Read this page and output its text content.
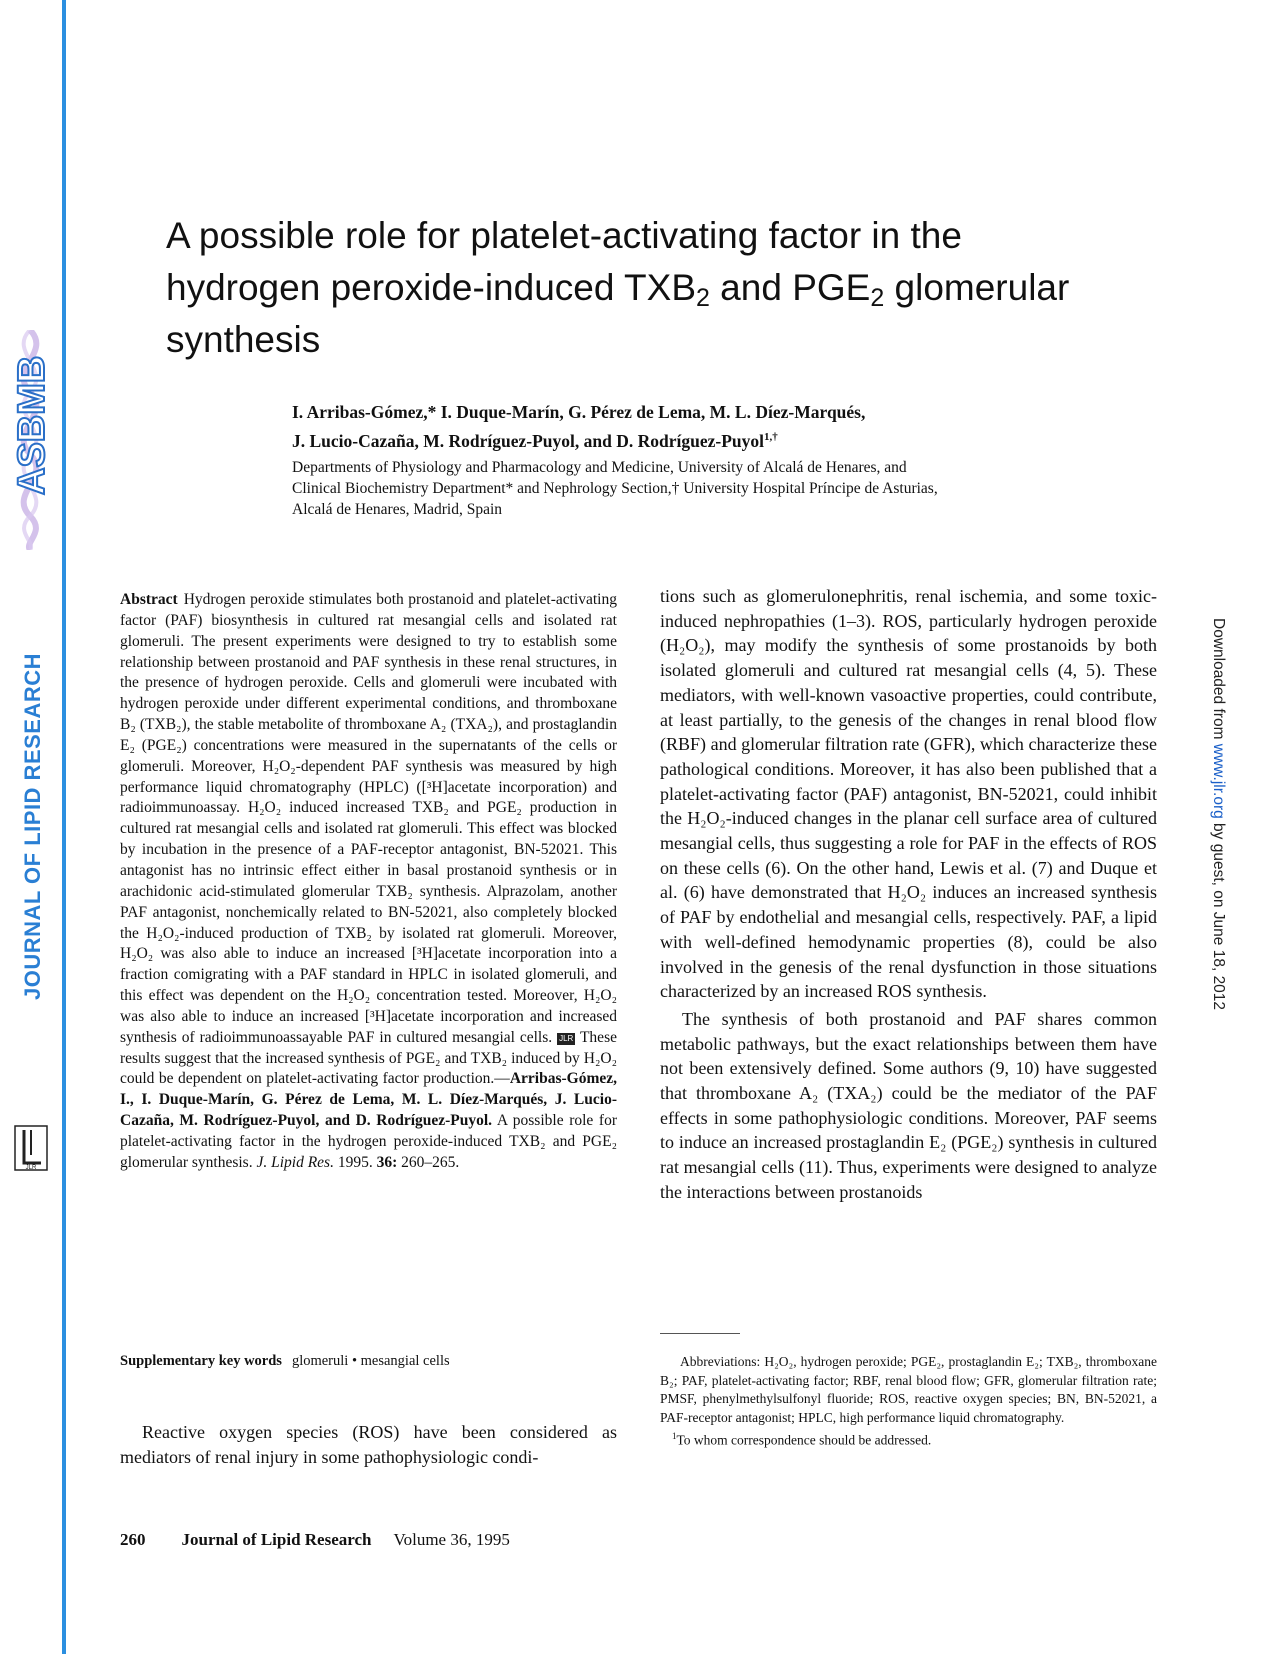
ASBMB
JOURNAL OF LIPID RESEARCH
JLR
Downloaded from www.jlr.org by guest, on June 18, 2012
A possible role for platelet-activating factor in the hydrogen peroxide-induced $TXB_2$ and $PGE_2$ glomerular synthesis
I. Arribas-Gómez,* I. Duque-Marín, G. Pérez de Lema, M. L. Díez-Marqués,
J. Lucio-Cazaña, M. Rodríguez-Puyol, and D. Rodríguez-Puyol$^{1,\dagger}$
Departments of Physiology and Pharmacology and Medicine, University of Alcalá de Henares, and
Clinical Biochemistry Department* and Nephrology Section,† University Hospital Príncipe de Asturias,
Alcalá de Henares, Madrid, Spain

Abstract Hydrogen peroxide stimulates both prostanoid and platelet-activating factor (PAF) biosynthesis in cultured rat mesangial cells and isolated rat glomeruli. The present experiments were designed to try to establish some relationship between prostanoid and PAF synthesis in these renal structures, in the presence of hydrogen peroxide. Cells and glomeruli were incubated with hydrogen peroxide under different experimental conditions, and thromboxane B₂ (TXB₂), the stable metabolite of thromboxane A₂ (TXA₂), and prostaglandin E₂ (PGE₂) concentrations were measured in the supernatants of the cells or glomeruli. Moreover, H₂O₂-dependent PAF synthesis was measured by high performance liquid chromatography (HPLC) ([³H]acetate incorporation) and radioimmunoassay. H₂O₂ induced increased TXB₂ and PGE₂ production in cultured rat mesangial cells and isolated rat glomeruli. This effect was blocked by incubation in the presence of a PAF-receptor antagonist, BN-52021. This antagonist has no intrinsic effect either in basal prostanoid synthesis or in arachidonic acid-stimulated glomerular TXB₂ synthesis. Alprazolam, another PAF antagonist, nonchemically related to BN-52021, also completely blocked the H₂O₂-induced production of TXB₂ by isolated rat glomeruli. Moreover, H₂O₂ was also able to induce an increased [³H]acetate incorporation into a fraction comigrating with a PAF standard in HPLC in isolated glomeruli, and this effect was dependent on the H₂O₂ concentration tested. Moreover, H₂O₂ was also able to induce an increased [³H]acetate incorporation and increased synthesis of radioimmunoassayable PAF in cultured mesangial cells. JLR These results suggest that the increased synthesis of PGE₂ and TXB₂ induced by H₂O₂ could be dependent on platelet-activating factor production.—Arribas-Gómez, I., I. Duque-Marín, G. Pérez de Lema, M. L. Díez-Marqués, J. Lucio-Cazaña, M. Rodríguez-Puyol, and D. Rodríguez-Puyol. A possible role for platelet-activating factor in the hydrogen peroxide-induced TXB₂ and PGE₂ glomerular synthesis. J. Lipid Res. 1995. 36: 260–265.

Supplementary key words glomeruli • mesangial cells

Reactive oxygen species (ROS) have been considered as mediators of renal injury in some pathophysiologic condi-

tions such as glomerulonephritis, renal ischemia, and some toxic-induced nephropathies (1–3). ROS, particularly hydrogen peroxide (H₂O₂), may modify the synthesis of some prostanoids by both isolated glomeruli and cultured rat mesangial cells (4, 5). These mediators, with well-known vasoactive properties, could contribute, at least partially, to the genesis of the changes in renal blood flow (RBF) and glomerular filtration rate (GFR), which characterize these pathological conditions. Moreover, it has also been published that a platelet-activating factor (PAF) antagonist, BN-52021, could inhibit the H₂O₂-induced changes in the planar cell surface area of cultured mesangial cells, thus suggesting a role for PAF in the effects of ROS on these cells (6). On the other hand, Lewis et al. (7) and Duque et al. (6) have demonstrated that H₂O₂ induces an increased synthesis of PAF by endothelial and mesangial cells, respectively. PAF, a lipid with well-defined hemodynamic properties (8), could be also involved in the genesis of the renal dysfunction in those situations characterized by an increased ROS synthesis.

The synthesis of both prostanoid and PAF shares common metabolic pathways, but the exact relationships between them have not been extensively defined. Some authors (9, 10) have suggested that thromboxane A₂ (TXA₂) could be the mediator of the PAF effects in some pathophysiologic conditions. Moreover, PAF seems to induce an increased prostaglandin E₂ (PGE₂) synthesis in cultured rat mesangial cells (11). Thus, experiments were designed to analyze the interactions between prostanoids

Abbreviations: H₂O₂, hydrogen peroxide; PGE₂, prostaglandin E₂; TXB₂, thromboxane B₂; PAF, platelet-activating factor; RBF, renal blood flow; GFR, glomerular filtration rate; PMSF, phenylmethylsulfonyl fluoride; ROS, reactive oxygen species; BN, BN-52021, a PAF-receptor antagonist; HPLC, high performance liquid chromatography.

$^1$To whom correspondence should be addressed.

260 Journal of Lipid Research Volume 36, 1995
